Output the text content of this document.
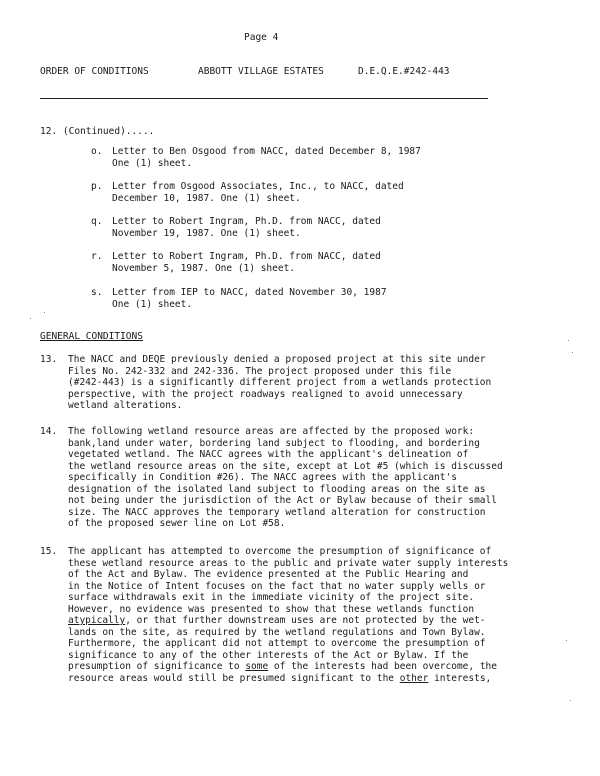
Page 4
ORDER OF CONDITIONS	ABBOTT VILLAGE ESTATES	D.E.Q.E.#242-443
12. (Continued).....
o. Letter to Ben Osgood from NACC, dated December 8, 1987
One (1) sheet.
p. Letter from Osgood Associates, Inc., to NACC, dated
December 10, 1987. One (1) sheet.
q. Letter to Robert Ingram, Ph.D. from NACC, dated
November 19, 1987. One (1) sheet.
r. Letter to Robert Ingram, Ph.D. from NACC, dated
November 5, 1987. One (1) sheet.
s. Letter from IEP to NACC, dated November 30, 1987
One (1) sheet.
GENERAL CONDITIONS
13. The NACC and DEQE previously denied a proposed project at this site under
Files No. 242-332 and 242-336. The project proposed under this file
(#242-443) is a significantly different project from a wetlands protection
perspective, with the project roadways realigned to avoid unnecessary
wetland alterations.
14. The following wetland resource areas are affected by the proposed work:
bank,land under water, bordering land subject to flooding, and bordering
vegetated wetland. The NACC agrees with the applicant's delineation of
the wetland resource areas on the site, except at Lot #5 (which is discussed
specifically in Condition #26). The NACC agrees with the applicant's
designation of the isolated land subject to flooding areas on the site as
not being under the jurisdiction of the Act or Bylaw because of their small
size. The NACC approves the temporary wetland alteration for construction
of the proposed sewer line on Lot #58.
15. The applicant has attempted to overcome the presumption of significance of
these wetland resource areas to the public and private water supply interests
of the Act and Bylaw. The evidence presented at the Public Hearing and
in the Notice of Intent focuses on the fact that no water supply wells or
surface withdrawals exit in the immediate vicinity of the project site.
However, no evidence was presented to show that these wetlands function
atypically, or that further downstream uses are not protected by the wet-
lands on the site, as required by the wetland regulations and Town Bylaw.
Furthermore, the applicant did not attempt to overcome the presumption of
significance to any of the other interests of the Act or Bylaw. If the
presumption of significance to some of the interests had been overcome, the
resource areas would still be presumed significant to the other interests,
